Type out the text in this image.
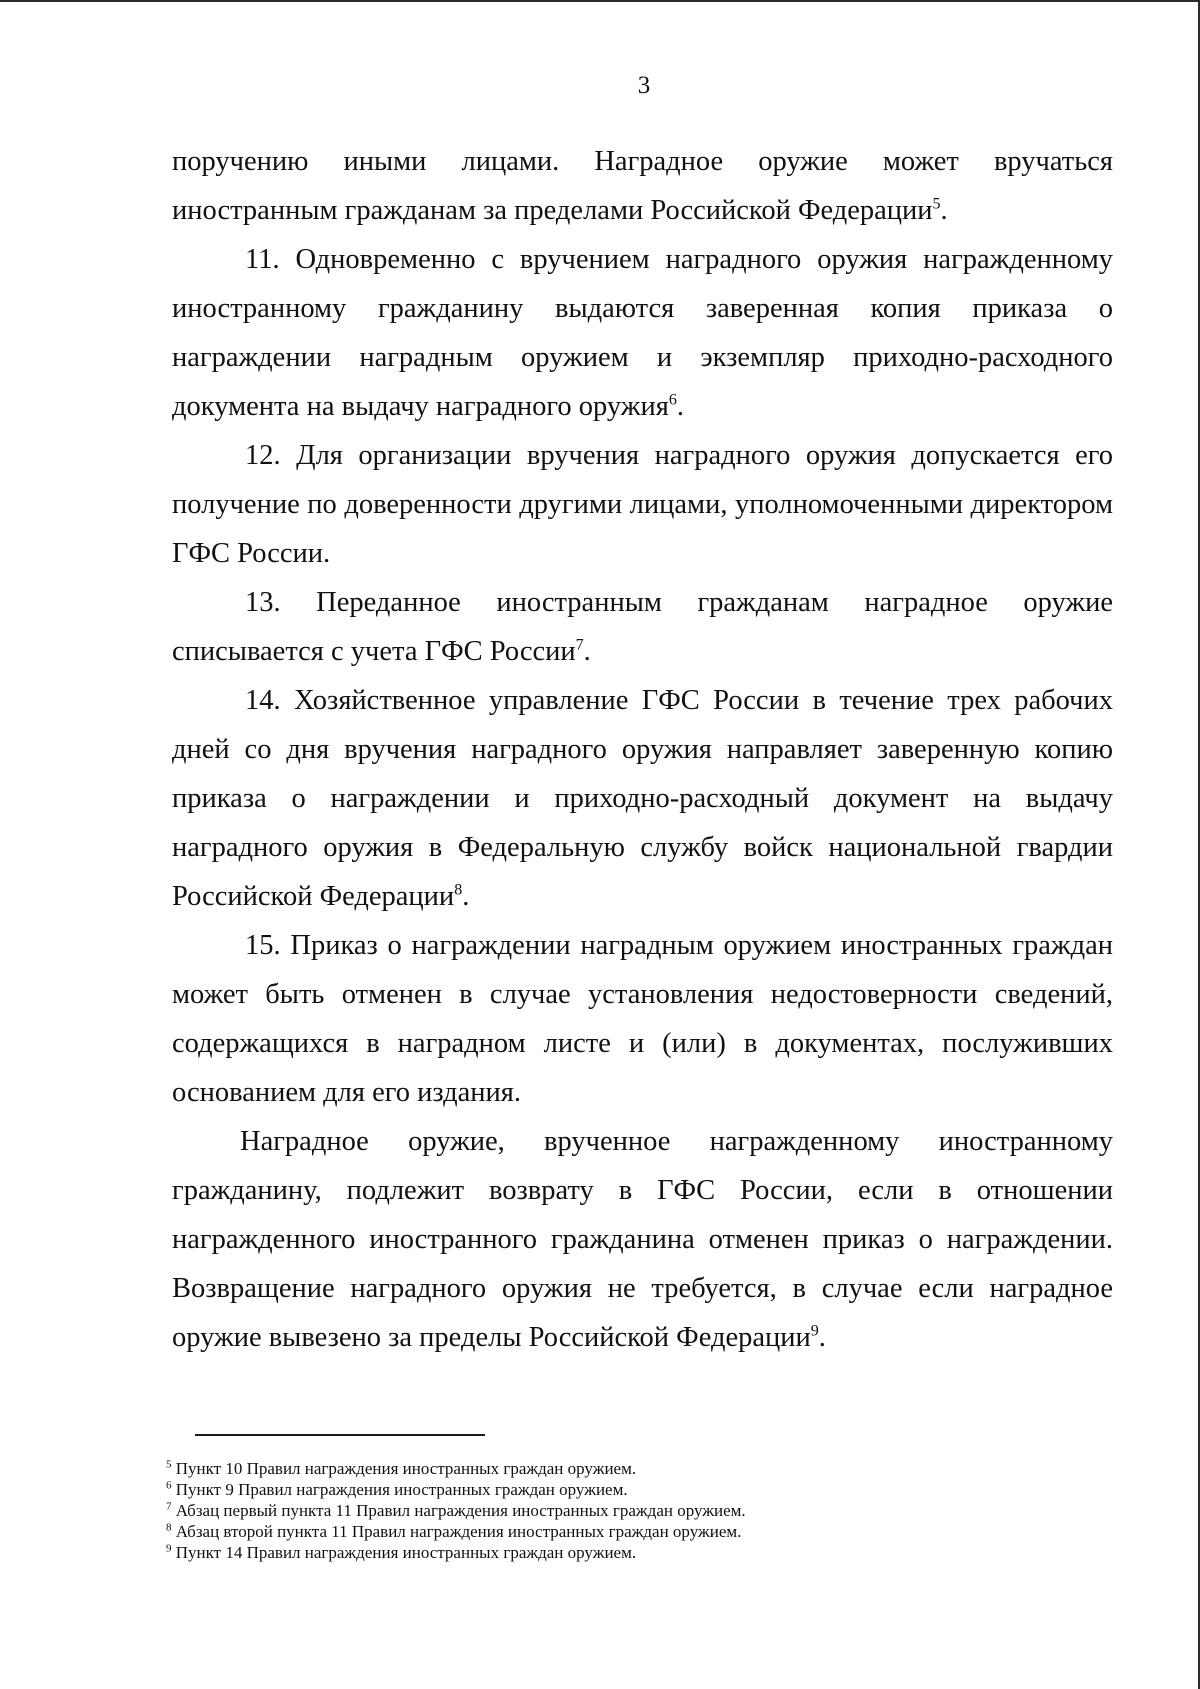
3

поручению иными лицами. Наградное оружие может вручаться иностранным гражданам за пределами Российской Федерации$^5$.

11. Одновременно с вручением наградного оружия награжденному иностранному гражданину выдаются заверенная копия приказа о награждении наградным оружием и экземпляр приходно-расходного документа на выдачу наградного оружия$^6$.

12. Для организации вручения наградного оружия допускается его получение по доверенности другими лицами, уполномоченными директором ГФС России.

13. Переданное иностранным гражданам наградное оружие списывается с учета ГФС России$^7$.

14. Хозяйственное управление ГФС России в течение трех рабочих дней со дня вручения наградного оружия направляет заверенную копию приказа о награждении и приходно-расходный документ на выдачу наградного оружия в Федеральную службу войск национальной гвардии Российской Федерации$^8$.

15. Приказ о награждении наградным оружием иностранных граждан может быть отменен в случае установления недостоверности сведений, содержащихся в наградном листе и (или) в документах, послуживших основанием для его издания.

Наградное оружие, врученное награжденному иностранному гражданину, подлежит возврату в ГФС России, если в отношении награжденного иностранного гражданина отменен приказ о награждении. Возвращение наградного оружия не требуется, в случае если наградное оружие вывезено за пределы Российской Федерации$^9$.

$^5$ Пункт 10 Правил награждения иностранных граждан оружием.

$^6$ Пункт 9 Правил награждения иностранных граждан оружием.

$^7$ Абзац первый пункта 11 Правил награждения иностранных граждан оружием.

$^8$ Абзац второй пункта 11 Правил награждения иностранных граждан оружием.

$^9$ Пункт 14 Правил награждения иностранных граждан оружием.
